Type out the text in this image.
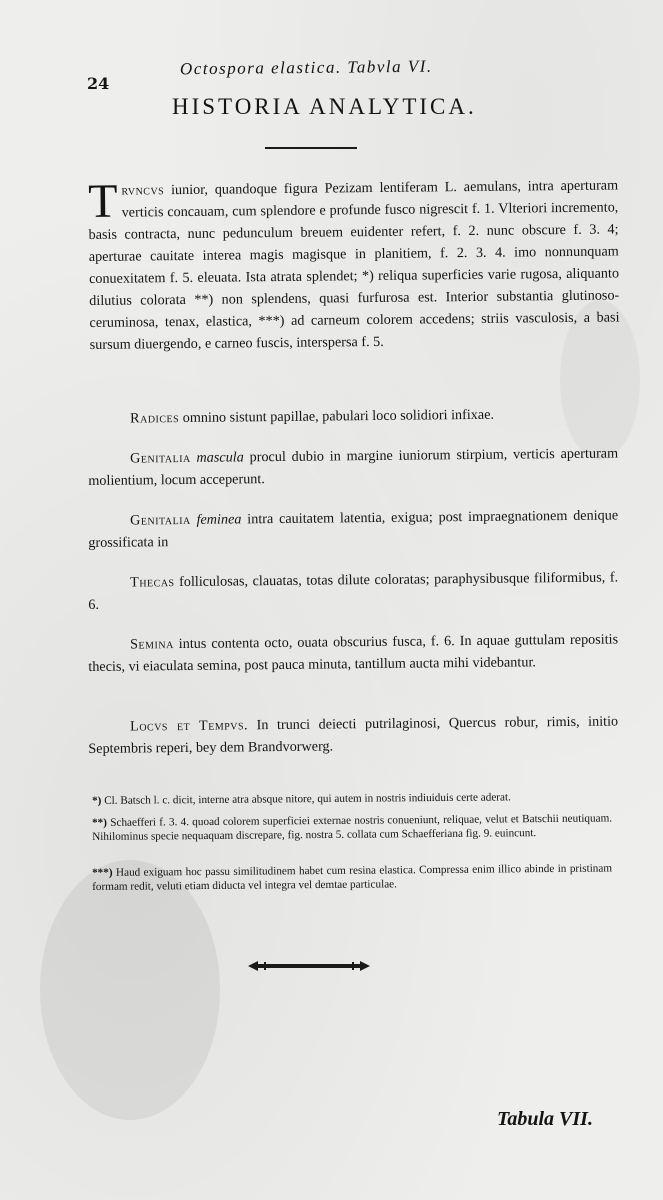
24
Octospora elastica. Tabvla VI.
HISTORIA ANALYTICA.
Trvncvs iunior, quandoque figura Pezizam lentiferam L. aemulans, intra aperturam verticis concauam, cum splendore e profunde fusco nigrescit f. 1. Vlteriori incremento, basis contracta, nunc pedunculum breuem euidenter refert, f. 2. nunc obscure f. 3. 4; aperturae cauitate interea magis magisque in planitiem, f. 2. 3. 4. imo nonnunquam conuexitatem f. 5. eleuata. Ista atrata splendet; *) reliqua superficies varie rugosa, aliquanto dilutius colorata **) non splendens, quasi furfurosa est. Interior substantia glutinoso-ceruminosa, tenax, elastica, ***) ad carneum colorem accedens; striis vasculosis, a basi sursum diuergendo, e carneo fuscis, interspersa f. 5.
Radices omnino sistunt papillae, pabulari loco solidiori infixae.
Genitalia mascula procul dubio in margine iuniorum stirpium, verticis aperturam molientium, locum acceperunt.
Genitalia feminea intra cauitatem latentia, exigua; post impraegnationem denique grossificata in
Thecas folliculosas, clauatas, totas dilute coloratas; paraphysibusque filiformibus, f. 6.
Semina intus contenta octo, ouata obscurius fusca, f. 6. In aquae guttulam repositis thecis, vi eiaculata semina, post pauca minuta, tantillum aucta mihi videbantur.
Locvs et Tempvs. In trunci deiecti putrilaginosi, Quercus robur, rimis, initio Septembris reperi, bey dem Brandvorwerg.
*) Cl. Batsch l. c. dicit, interne atra absque nitore, qui autem in nostris indiuiduis certe aderat.
**) Schaefferi f. 3. 4. quoad colorem superficiei externae nostris conueniunt, reliquae, velut et Batschii neutiquam. Nihilominus specie nequaquam discrepare, fig. nostra 5. collata cum Schaefferiana fig. 9. euincunt.
***) Haud exiguam hoc passu similitudinem habet cum resina elastica. Compressa enim illico abinde in pristinam formam redit, veluti etiam diducta vel integra vel demtae particulae.
Tabula VII.
